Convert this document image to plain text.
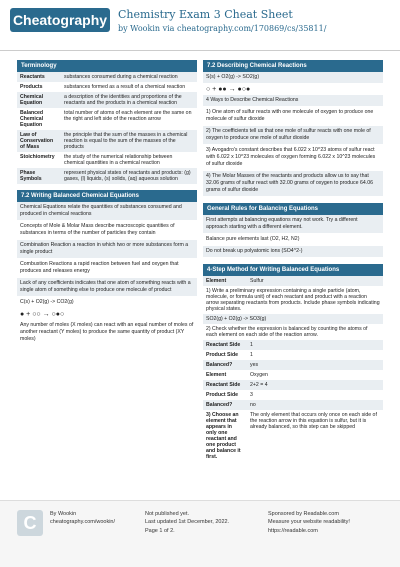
Cheatography Chemistry Exam 3 Cheat Sheet
by Wookin via cheatography.com/170869/cs/35811/
Terminology
Reactants	substances consumed during a chemical reaction
Products	substances formed as a result of a chemical reaction
Chemical Equation	a description of the identities and proportions of the reactants and the products in a chemical reaction
Balanced Chemical Equation	total number of atoms of each element are the same on the right and left side of the reaction arrow
Law of Conservation of Mass	the principle that the sum of the masses in a chemical reaction is equal to the sum of the masses of the products
Stoichiometry	the study of the numerical relationship between chemical quantities in a chemical reaction
Phase Symbols	represent physical states of reactants and products: (g) gases, (l) liquids, (s) solids, (aq) aqueous solution
7.2 Writing Balanced Chemical Equations
Chemical Equations relate the quantities of substances consumed and produced in chemical reactions
Concepts of Mole & Molar Mass describe macroscopic quantities of substances in terms of the number of particles they contain
Combination Reaction a reaction in which two or more substances form a single product
Combustion Reactions a rapid reaction between fuel and oxygen that produces and releases energy
Lack of any coefficients indicates that one atom of something reacts with a single atom of something else to produce one molecule of product
C(s) + O2(g) -> CO2(g)
● + ○○ → ○●○
Any number of moles (X moles) can react with an equal number of moles of another reactant (Y moles) to produce the same quantity of product (XY moles)
7.2 Describing Chemical Reactions
S(s) + O2(g) -> SO2(g)
○ + ●● → ●○●
4 Ways to Describe Chemical Reactions
1) One atom of sulfur reacts with one molecule of oxygen to produce one molecule of sulfur dioxide
2) The coefficients tell us that one mole of sulfur reacts with one mole of oxygen to produce one mole of sulfur dioxide
3) Avogadro's constant describes that 6.022 x 10^23 atoms of sulfur react with 6.022 x 10^23 molecules of oxygen forming 6.022 x 10^23 molecules of sulfur dioxide
4) The Molar Masses of the reactants and products allow us to say that 32.06 grams of sulfur react with 32.00 grams of oxygen to produce 64.06 grams of sulfur dioxide
General Rules for Balancing Equations
First attempts at balancing equations may not work. Try a different approach starting with a different element.
Balance pure elements last (O2, H2, N2)
Do not break up polyatomic ions (SO4^2-)
4-Step Method for Writing Balanced Equations
Element	Sulfur
1) Write a preliminary expression containing a single particle (atom, molecule, or formula unit) of each reactant and product with a reaction arrow separating reactants from products. Include phase symbols indicating physical states.	
SO2(g) + O2(g) -> SO3(g)	
2) Check whether the expression is balanced by counting the atoms of each element on each side of the reaction arrow.	
Reactant Side	1
Product Side	1
Balanced?	yes
Element	Oxygen
Reactant Side	2+2 = 4
Product Side	3
Balanced?	no
3) Choose an element that appears in only one reactant and one product and balance it first.	The only element that occurs only once on each side of the reaction arrow in this equation is sulfur, but it is already balanced, so this step can be skipped
C	By Wookin
cheatography.com/wookin/
Not published yet.
Last updated 1st December, 2022.
Page 1 of 2.
Sponsored by Readable.com
Measure your website readability!
https://readable.com
